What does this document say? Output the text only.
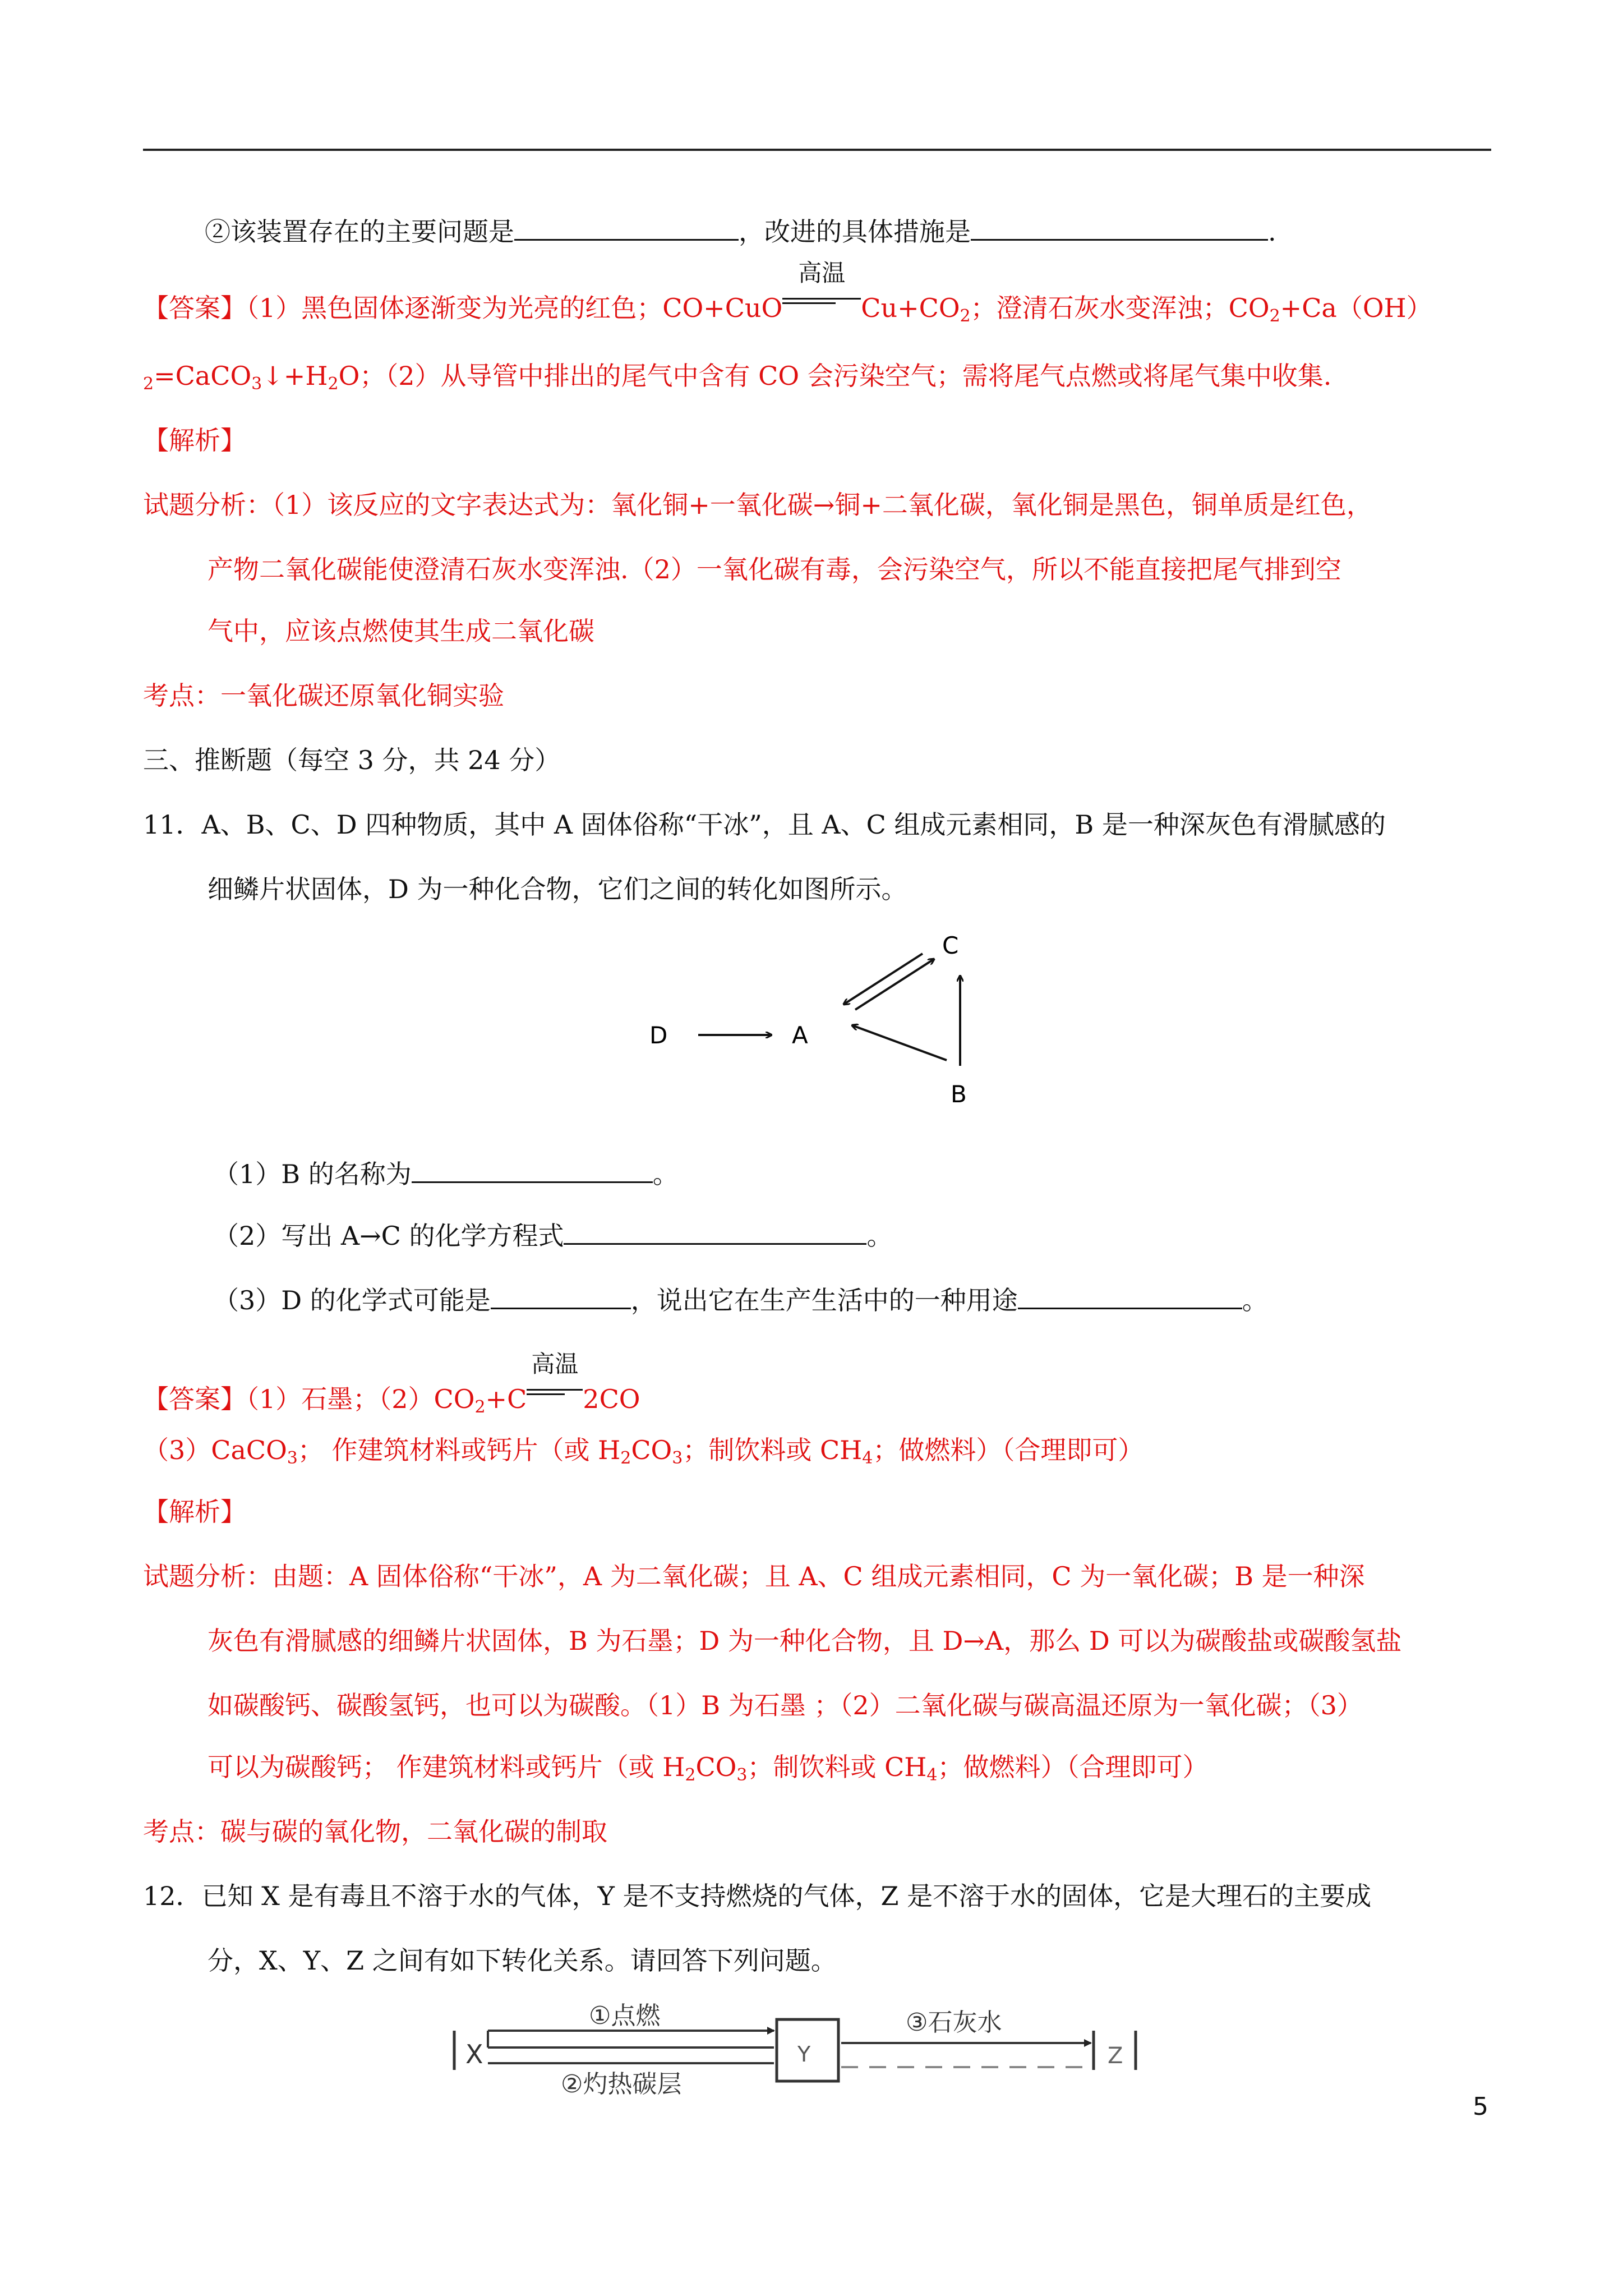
②该装置存在的主要问题是	，改进的具体措施是	.
【答案】（1）黑色固体逐渐变为光亮的红色；CO+CuO
高温
$Cu+CO_2$；澄清石灰水变浑浊；$CO_2+Ca(OH)$
$_2=CaCO_3↓+H_2O$；（2）从导管中排出的尾气中含有 CO 会污染空气；需将尾气点燃或将尾气集中收集.
【解析】
试题分析：（1）该反应的文字表达式为：氧化铜+一氧化碳→铜+二氧化碳，氧化铜是黑色，铜单质是红色，
产物二氧化碳能使澄清石灰水变浑浊.（2）一氧化碳有毒，会污染空气，所以不能直接把尾气排到空
气中，应该点燃使其生成二氧化碳
考点：一氧化碳还原氧化铜实验
三、推断题（每空 3 分，共 24 分）
11．A、B、C、D 四种物质，其中 A 固体俗称“干冰”，且 A、C 组成元素相同，B 是一种深灰色有滑腻感的
细鳞片状固体，D 为一种化合物，它们之间的转化如图所示。
D	A
C
B
（1）B 的名称为	。
（2）写出 A→C 的化学方程式	。
（3）D 的化学式可能是	，说出它在生产生活中的一种用途	。
【答案】（1）石墨；$(2)CO_2+C$
高温
2CO
（3）CaCO$_3$； 作建筑材料或钙片（或 $H_2CO_3$；制饮料或 $CH_4$；做燃料）（合理即可）
【解析】
试题分析：由题：A 固体俗称“干冰”，A 为二氧化碳；且 A、C 组成元素相同，C 为一氧化碳；B 是一种深
灰色有滑腻感的细鳞片状固体，B 为石墨；D 为一种化合物，且 D→A，那么 D 可以为碳酸盐或碳酸氢盐
如碳酸钙、碳酸氢钙，也可以为碳酸。（1）B 为石墨 ；（2）二氧化碳与碳高温还原为一氧化碳；（3）
可以为碳酸钙； 作建筑材料或钙片（或 $H_2CO_3$；制饮料或 $CH_4$；做燃料）（合理即可）
考点：碳与碳的氧化物，二氧化碳的制取
12．已知 X 是有毒且不溶于水的气体，Y 是不支持燃烧的气体，Z 是不溶于水的固体，它是大理石的主要成
分，X、Y、Z 之间有如下转化关系。请回答下列问题。
X
①点燃
②灼热碳层
Y
③石灰水
Z
5
